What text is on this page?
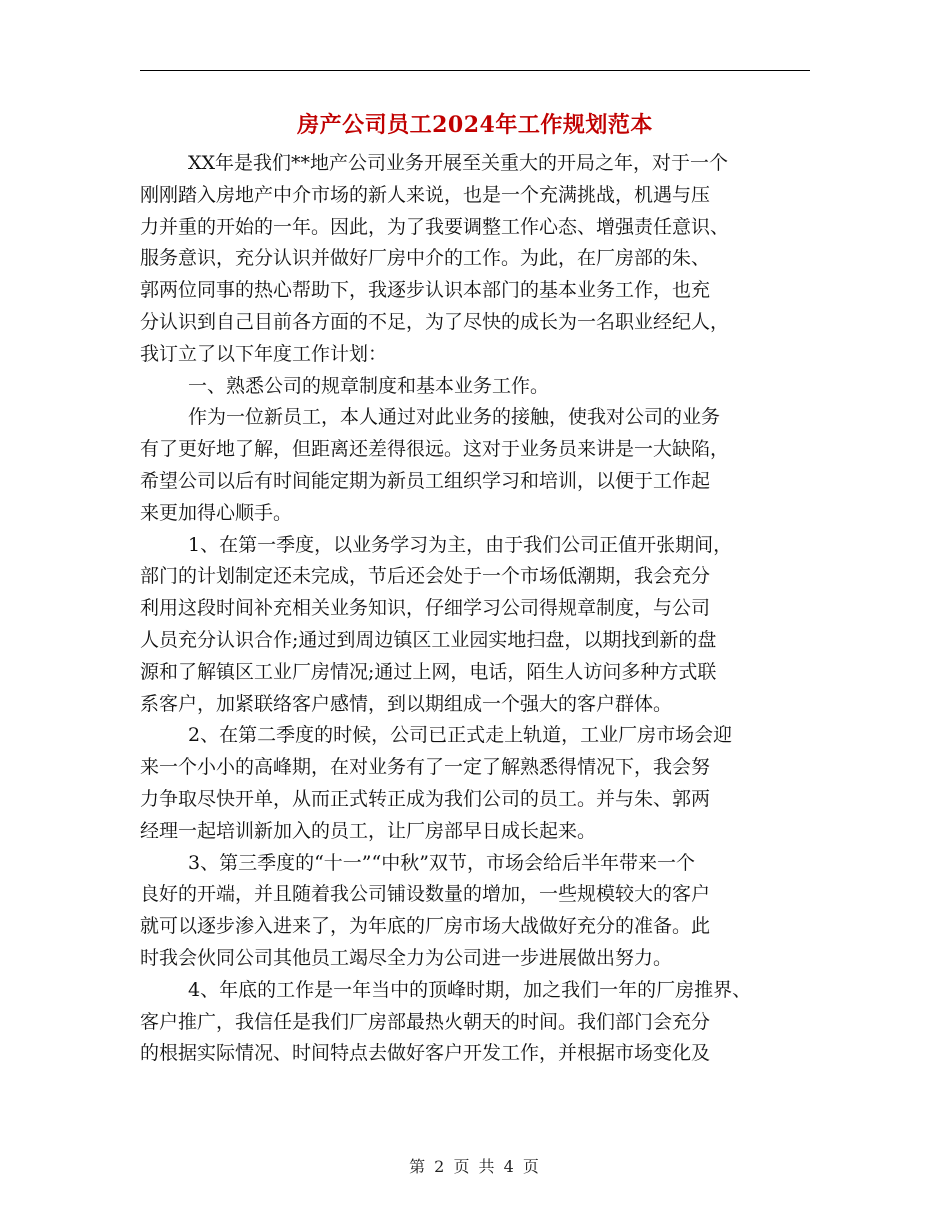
房产公司员工2024年工作规划范本
XX年是我们**地产公司业务开展至关重大的开局之年，对于一个
刚刚踏入房地产中介市场的新人来说，也是一个充满挑战，机遇与压
力并重的开始的一年。因此，为了我要调整工作心态、增强责任意识、
服务意识，充分认识并做好厂房中介的工作。为此，在厂房部的朱、
郭两位同事的热心帮助下，我逐步认识本部门的基本业务工作，也充
分认识到自己目前各方面的不足，为了尽快的成长为一名职业经纪人，
我订立了以下年度工作计划：
一、熟悉公司的规章制度和基本业务工作。
作为一位新员工，本人通过对此业务的接触，使我对公司的业务
有了更好地了解，但距离还差得很远。这对于业务员来讲是一大缺陷，
希望公司以后有时间能定期为新员工组织学习和培训，以便于工作起
来更加得心顺手。
1、在第一季度，以业务学习为主，由于我们公司正值开张期间，
部门的计划制定还未完成，节后还会处于一个市场低潮期，我会充分
利用这段时间补充相关业务知识，仔细学习公司得规章制度，与公司
人员充分认识合作;通过到周边镇区工业园实地扫盘，以期找到新的盘
源和了解镇区工业厂房情况;通过上网，电话，陌生人访问多种方式联
系客户，加紧联络客户感情，到以期组成一个强大的客户群体。
2、在第二季度的时候，公司已正式走上轨道，工业厂房市场会迎
来一个小小的高峰期，在对业务有了一定了解熟悉得情况下，我会努
力争取尽快开单，从而正式转正成为我们公司的员工。并与朱、郭两
经理一起培训新加入的员工，让厂房部早日成长起来。
3、第三季度的“十一”“中秋”双节，市场会给后半年带来一个
良好的开端，并且随着我公司铺设数量的增加，一些规模较大的客户
就可以逐步渗入进来了，为年底的厂房市场大战做好充分的准备。此
时我会伙同公司其他员工竭尽全力为公司进一步进展做出努力。
4、年底的工作是一年当中的顶峰时期，加之我们一年的厂房推界、
客户推广，我信任是我们厂房部最热火朝天的时间。我们部门会充分
的根据实际情况、时间特点去做好客户开发工作，并根据市场变化及
第 2 页 共 4 页
